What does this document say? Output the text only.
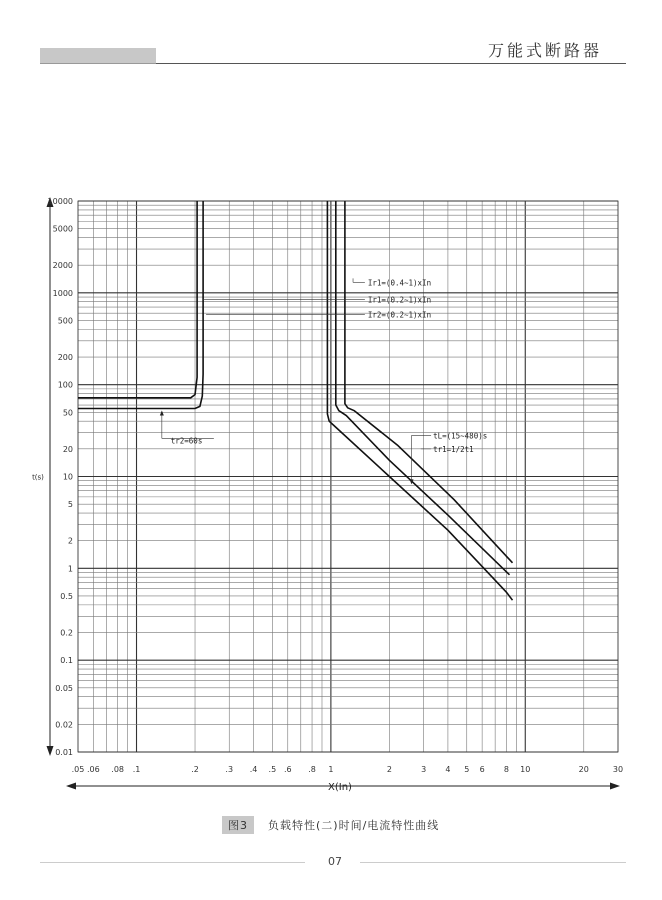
万能式断路器
10000
5000
2000
1000
500
200
100
50
20
10
5
2
1
0.5
0.2
0.1
0.05
0.02
0.01
.05 .06 .08 .1	.2	.3 .4 .5 .6 .8 1	2	3 4 5 6 8 10	20	30
X(In)
t(s)
Ir1=(0.4~1)xIn
Ir1=(0.2~1)xIn
Ir2=(0.2~1)xIn
tr2=60s
tL=(15~480)s
tr1=1/2t1
图3	负载特性(二)时间/电流特性曲线
07
